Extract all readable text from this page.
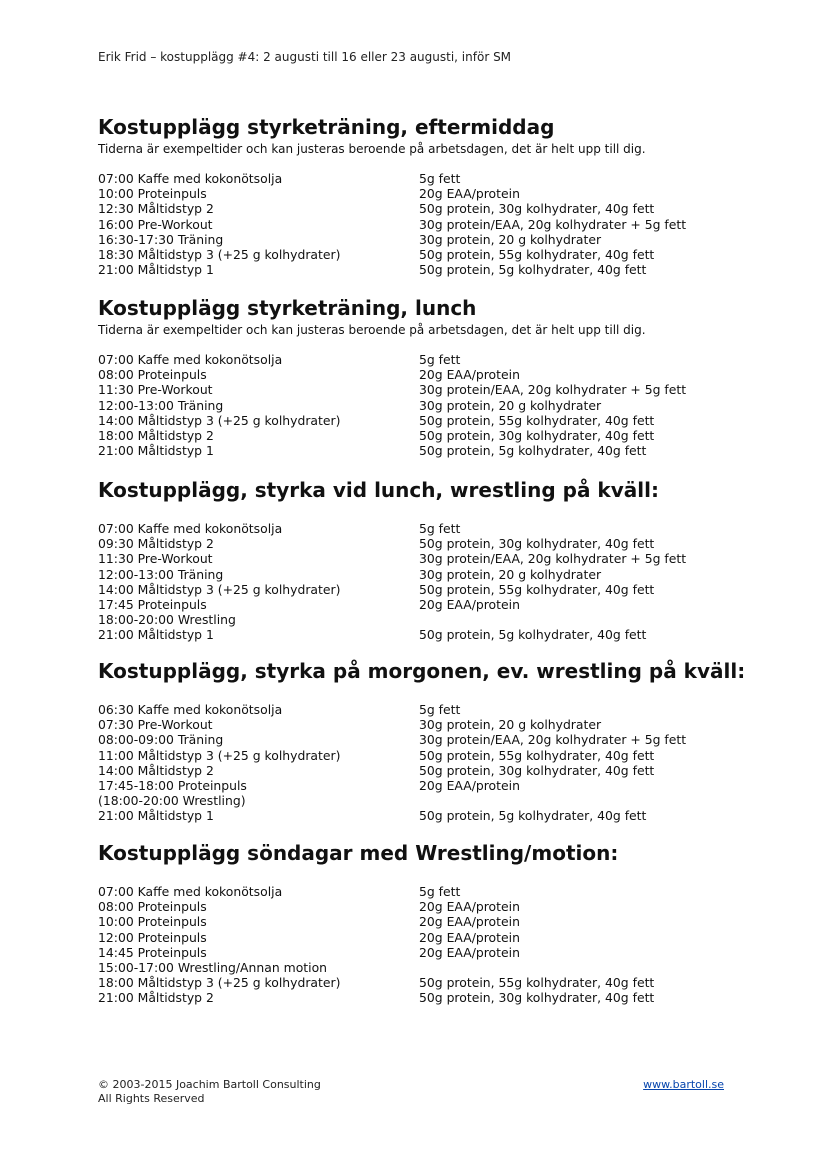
Erik Frid – kostupplägg #4: 2 augusti till 16 eller 23 augusti, inför SM
Kostupplägg styrketräning, eftermiddag
Tiderna är exempeltider och kan justeras beroende på arbetsdagen, det är helt upp till dig.
07:00 Kaffe med kokonötsolja	5g fett
10:00 Proteinpuls	20g EAA/protein
12:30 Måltidstyp 2	50g protein, 30g kolhydrater, 40g fett
16:00 Pre-Workout	30g protein/EAA, 20g kolhydrater + 5g fett
16:30-17:30 Träning	30g protein, 20 g kolhydrater
18:30 Måltidstyp 3 (+25 g kolhydrater)	50g protein, 55g kolhydrater, 40g fett
21:00 Måltidstyp 1	50g protein, 5g kolhydrater, 40g fett
Kostupplägg styrketräning, lunch
Tiderna är exempeltider och kan justeras beroende på arbetsdagen, det är helt upp till dig.
07:00 Kaffe med kokonötsolja	5g fett
08:00 Proteinpuls	20g EAA/protein
11:30 Pre-Workout	30g protein/EAA, 20g kolhydrater + 5g fett
12:00-13:00 Träning	30g protein, 20 g kolhydrater
14:00 Måltidstyp 3 (+25 g kolhydrater)	50g protein, 55g kolhydrater, 40g fett
18:00 Måltidstyp 2	50g protein, 30g kolhydrater, 40g fett
21:00 Måltidstyp 1	50g protein, 5g kolhydrater, 40g fett
Kostupplägg, styrka vid lunch, wrestling på kväll:
07:00 Kaffe med kokonötsolja	5g fett
09:30 Måltidstyp 2	50g protein, 30g kolhydrater, 40g fett
11:30 Pre-Workout	30g protein/EAA, 20g kolhydrater + 5g fett
12:00-13:00 Träning	30g protein, 20 g kolhydrater
14:00 Måltidstyp 3 (+25 g kolhydrater)	50g protein, 55g kolhydrater, 40g fett
17:45 Proteinpuls	20g EAA/protein
18:00-20:00 Wrestling
21:00 Måltidstyp 1	50g protein, 5g kolhydrater, 40g fett
Kostupplägg, styrka på morgonen, ev. wrestling på kväll:
06:30 Kaffe med kokonötsolja	5g fett
07:30 Pre-Workout	30g protein, 20 g kolhydrater
08:00-09:00 Träning	30g protein/EAA, 20g kolhydrater + 5g fett
11:00 Måltidstyp 3 (+25 g kolhydrater)	50g protein, 55g kolhydrater, 40g fett
14:00 Måltidstyp 2	50g protein, 30g kolhydrater, 40g fett
17:45-18:00 Proteinpuls	20g EAA/protein
(18:00-20:00 Wrestling)
21:00 Måltidstyp 1	50g protein, 5g kolhydrater, 40g fett
Kostupplägg söndagar med Wrestling/motion:
07:00 Kaffe med kokonötsolja	5g fett
08:00 Proteinpuls	20g EAA/protein
10:00 Proteinpuls	20g EAA/protein
12:00 Proteinpuls	20g EAA/protein
14:45 Proteinpuls	20g EAA/protein
15:00-17:00 Wrestling/Annan motion
18:00 Måltidstyp 3 (+25 g kolhydrater)	50g protein, 55g kolhydrater, 40g fett
21:00 Måltidstyp 2	50g protein, 30g kolhydrater, 40g fett
© 2003-2015 Joachim Bartoll Consulting
All Rights Reserved
www.bartoll.se
